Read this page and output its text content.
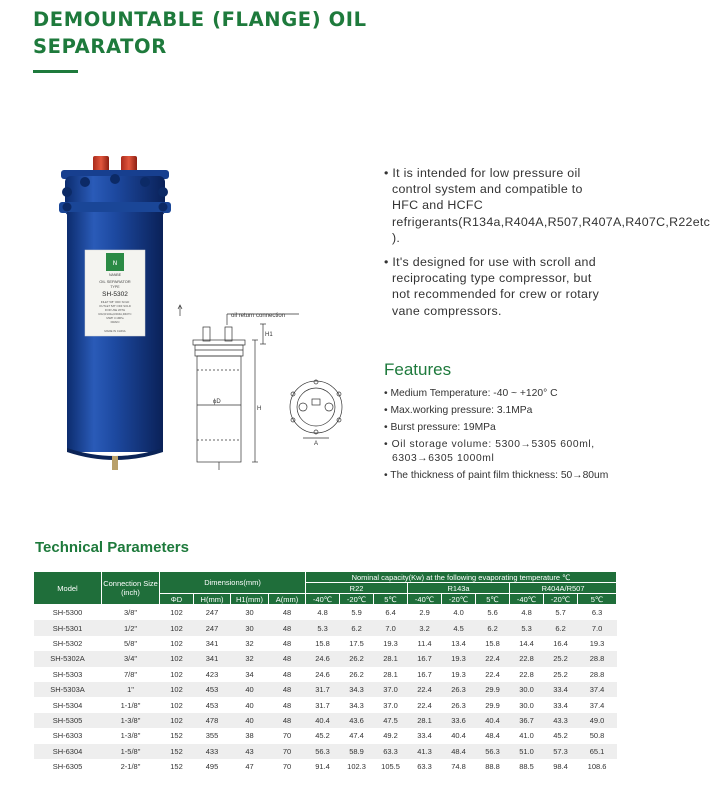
DEMOUNTABLE (FLANGE) OIL SEPARATOR
N
NANBE
OIL SEPARATOR
TYPE
SH-5302
INLET 5/8" ODF SOLD
OUTLET 5/8" ODF SOLD
FOR USE WITH
R22,R134a,R404A,R407C
MWP 3.1MPa
DRAIN
MADE IN CHINA
oil return connection
H
H1
ϕD
A
• It is intended for low pressure oil control system and compatible to HFC and HCFC refrigerants(R134a,R404A,R507,R407A,R407C,R22etc ).
• It's designed for use with scroll and reciprocating type compressor, but not recommended for crew or rotary vane compressors.
Features
• Medium Temperature: -40 ~ +120° C
• Max.working pressure: 3.1MPa
• Burst pressure: 19MPa
• Oil storage volume: 5300→5305 600ml, 6303→6305 1000ml
• The thickness of paint film thickness: 50→80um
Technical Parameters
Model	Connection Size (inch)	Dimensions(mm)				Nominal capacity(Kw) at the following evaporating temperature ℃								
						R22			R143a			R404A/R507		
		ΦD	H(mm)	H1(mm)	A(mm)	-40℃	-20℃	5℃	-40℃	-20℃	5℃	-40℃	-20℃	5℃
SH-5300	3/8"	102	247	30	48	4.8	5.9	6.4	2.9	4.0	5.6	4.8	5.7	6.3
SH-5301	1/2"	102	247	30	48	5.3	6.2	7.0	3.2	4.5	6.2	5.3	6.2	7.0
SH-5302	5/8"	102	341	32	48	15.8	17.5	19.3	11.4	13.4	15.8	14.4	16.4	19.3
SH-5302A	3/4"	102	341	32	48	24.6	26.2	28.1	16.7	19.3	22.4	22.8	25.2	28.8
SH-5303	7/8"	102	423	34	48	24.6	26.2	28.1	16.7	19.3	22.4	22.8	25.2	28.8
SH-5303A	1"	102	453	40	48	31.7	34.3	37.0	22.4	26.3	29.9	30.0	33.4	37.4
SH-5304	1-1/8"	102	453	40	48	31.7	34.3	37.0	22.4	26.3	29.9	30.0	33.4	37.4
SH-5305	1-3/8"	102	478	40	48	40.4	43.6	47.5	28.1	33.6	40.4	36.7	43.3	49.0
SH-6303	1-3/8"	152	355	38	70	45.2	47.4	49.2	33.4	40.4	48.4	41.0	45.2	50.8
SH-6304	1-5/8"	152	433	43	70	56.3	58.9	63.3	41.3	48.4	56.3	51.0	57.3	65.1
SH-6305	2-1/8"	152	495	47	70	91.4	102.3	105.5	63.3	74.8	88.8	88.5	98.4	108.6
